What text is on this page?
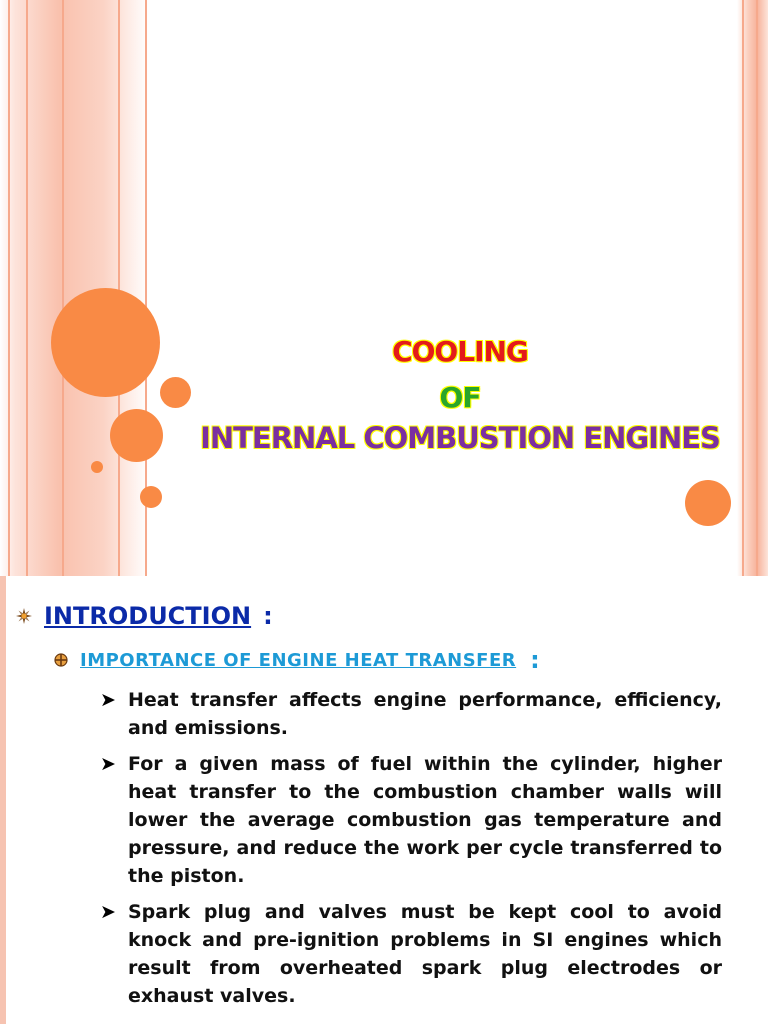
COOLING
OF
INTERNAL COMBUSTION ENGINES
INTRODUCTION :
IMPORTANCE OF ENGINE HEAT TRANSFER :
➤ Heat transfer affects engine performance, efficiency, and emissions.
➤ For a given mass of fuel within the cylinder, higher heat transfer to the combustion chamber walls will lower the average combustion gas temperature and pressure, and reduce the work per cycle transferred to the piston.
➤ Spark plug and valves must be kept cool to avoid knock and pre-ignition problems in SI engines which result from overheated spark plug electrodes or exhaust valves.
